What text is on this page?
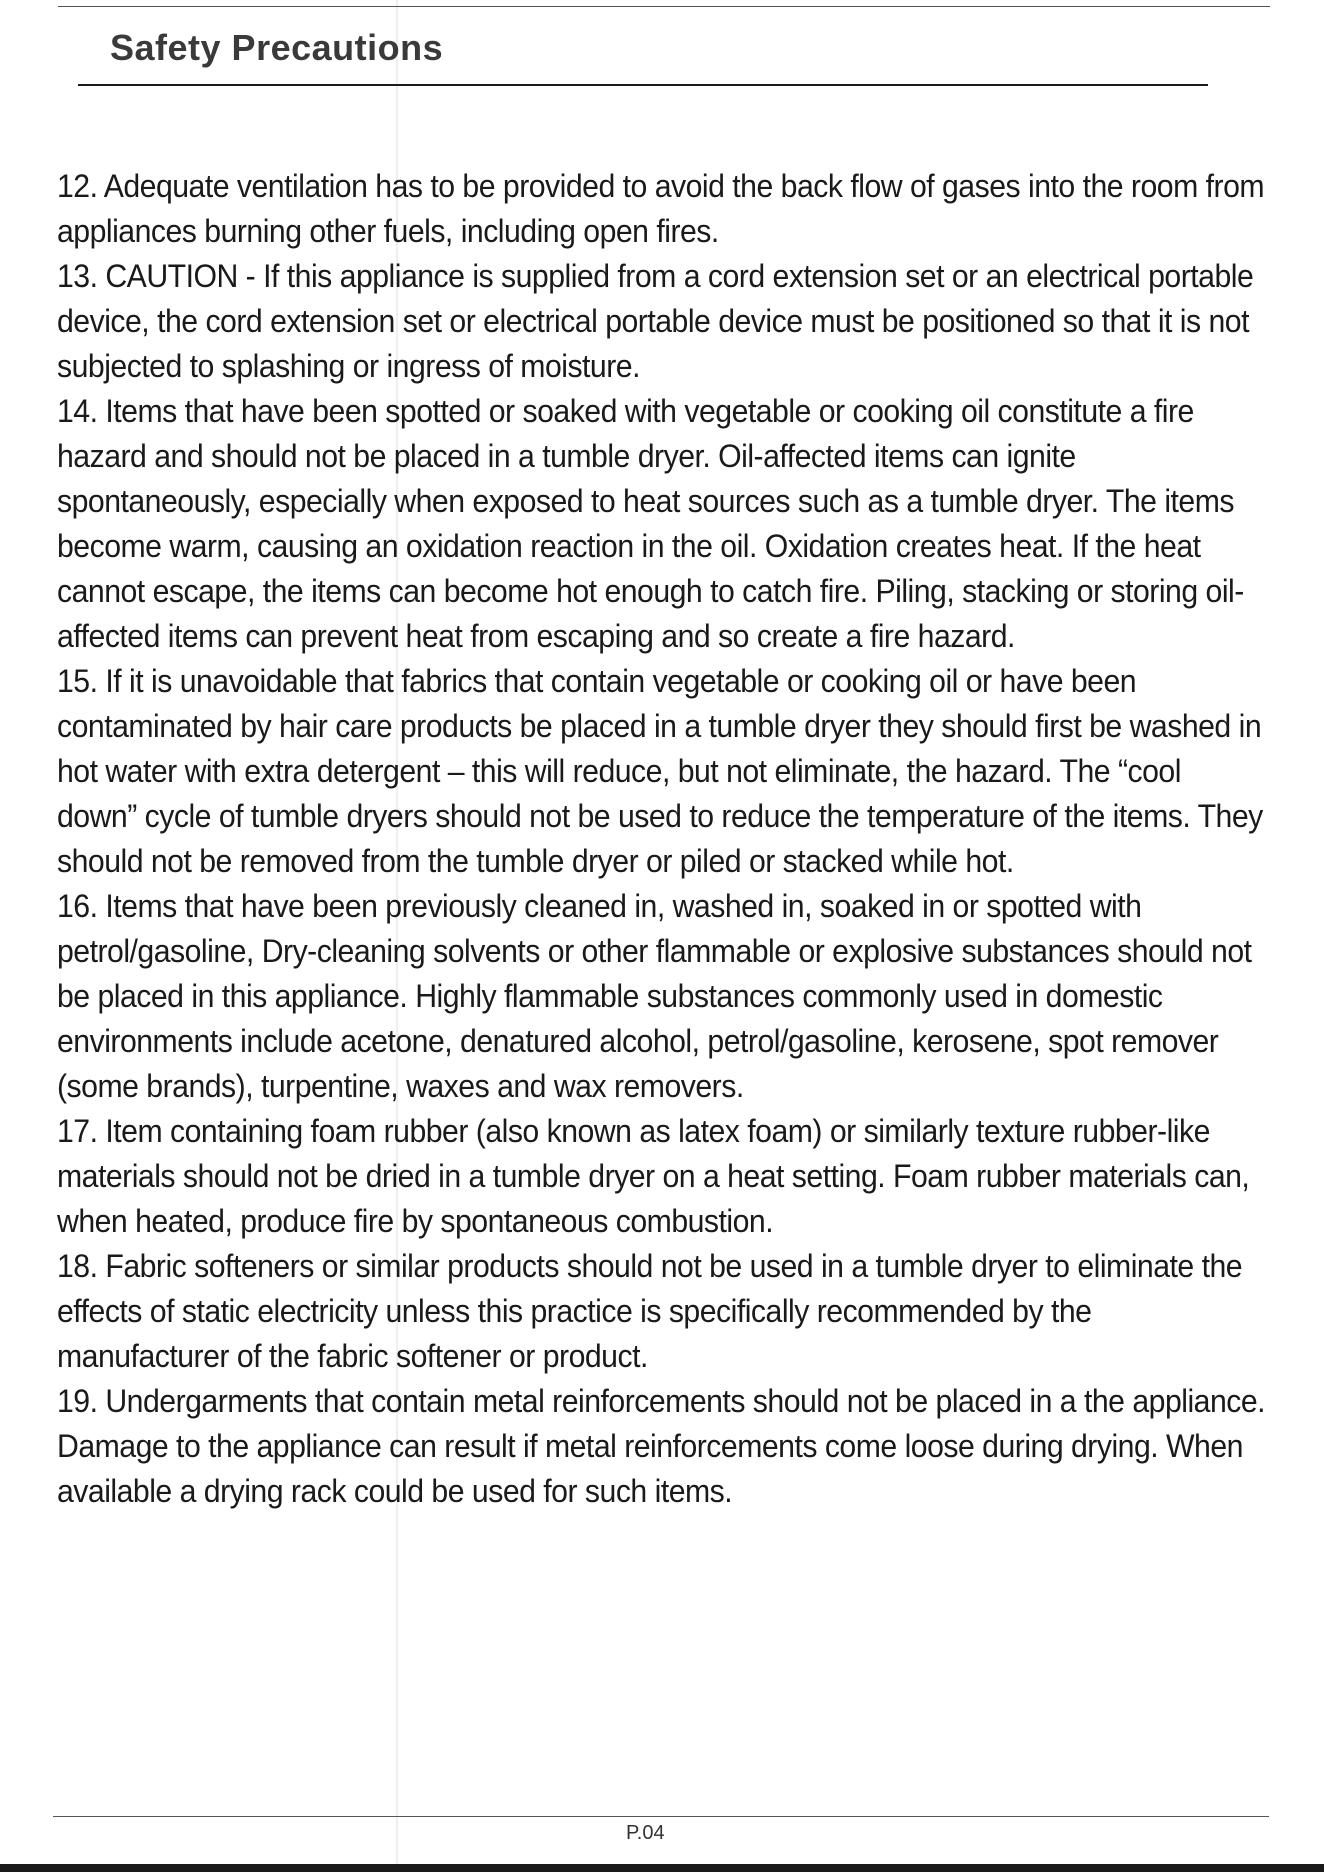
Safety Precautions

12. Adequate ventilation has to be provided to avoid the back flow of gases into the room from appliances burning other fuels, including open fires.

13. CAUTION - If this appliance is supplied from a cord extension set or an electrical portable device, the cord extension set or electrical portable device must be positioned so that it is not subjected to splashing or ingress of moisture.

14. Items that have been spotted or soaked with vegetable or cooking oil constitute a fire hazard and should not be placed in a tumble dryer. Oil-affected items can ignite spontaneously, especially when exposed to heat sources such as a tumble dryer. The items become warm, causing an oxidation reaction in the oil. Oxidation creates heat. If the heat cannot escape, the items can become hot enough to catch fire. Piling, stacking or storing oil-affected items can prevent heat from escaping and so create a fire hazard.

15. If it is unavoidable that fabrics that contain vegetable or cooking oil or have been contaminated by hair care products be placed in a tumble dryer they should first be washed in hot water with extra detergent – this will reduce, but not eliminate, the hazard. The “cool down” cycle of tumble dryers should not be used to reduce the temperature of the items. They should not be removed from the tumble dryer or piled or stacked while hot.

16. Items that have been previously cleaned in, washed in, soaked in or spotted with petrol/gasoline, Dry-cleaning solvents or other flammable or explosive substances should not be placed in this appliance. Highly flammable substances commonly used in domestic environments include acetone, denatured alcohol, petrol/gasoline, kerosene, spot remover (some brands), turpentine, waxes and wax removers.

17. Item containing foam rubber (also known as latex foam) or similarly texture rubber-like materials should not be dried in a tumble dryer on a heat setting. Foam rubber materials can, when heated, produce fire by spontaneous combustion.

18. Fabric softeners or similar products should not be used in a tumble dryer to eliminate the effects of static electricity unless this practice is specifically recommended by the manufacturer of the fabric softener or product.

19. Undergarments that contain metal reinforcements should not be placed in a the appliance. Damage to the appliance can result if metal reinforcements come loose during drying. When available a drying rack could be used for such items.

P.04
